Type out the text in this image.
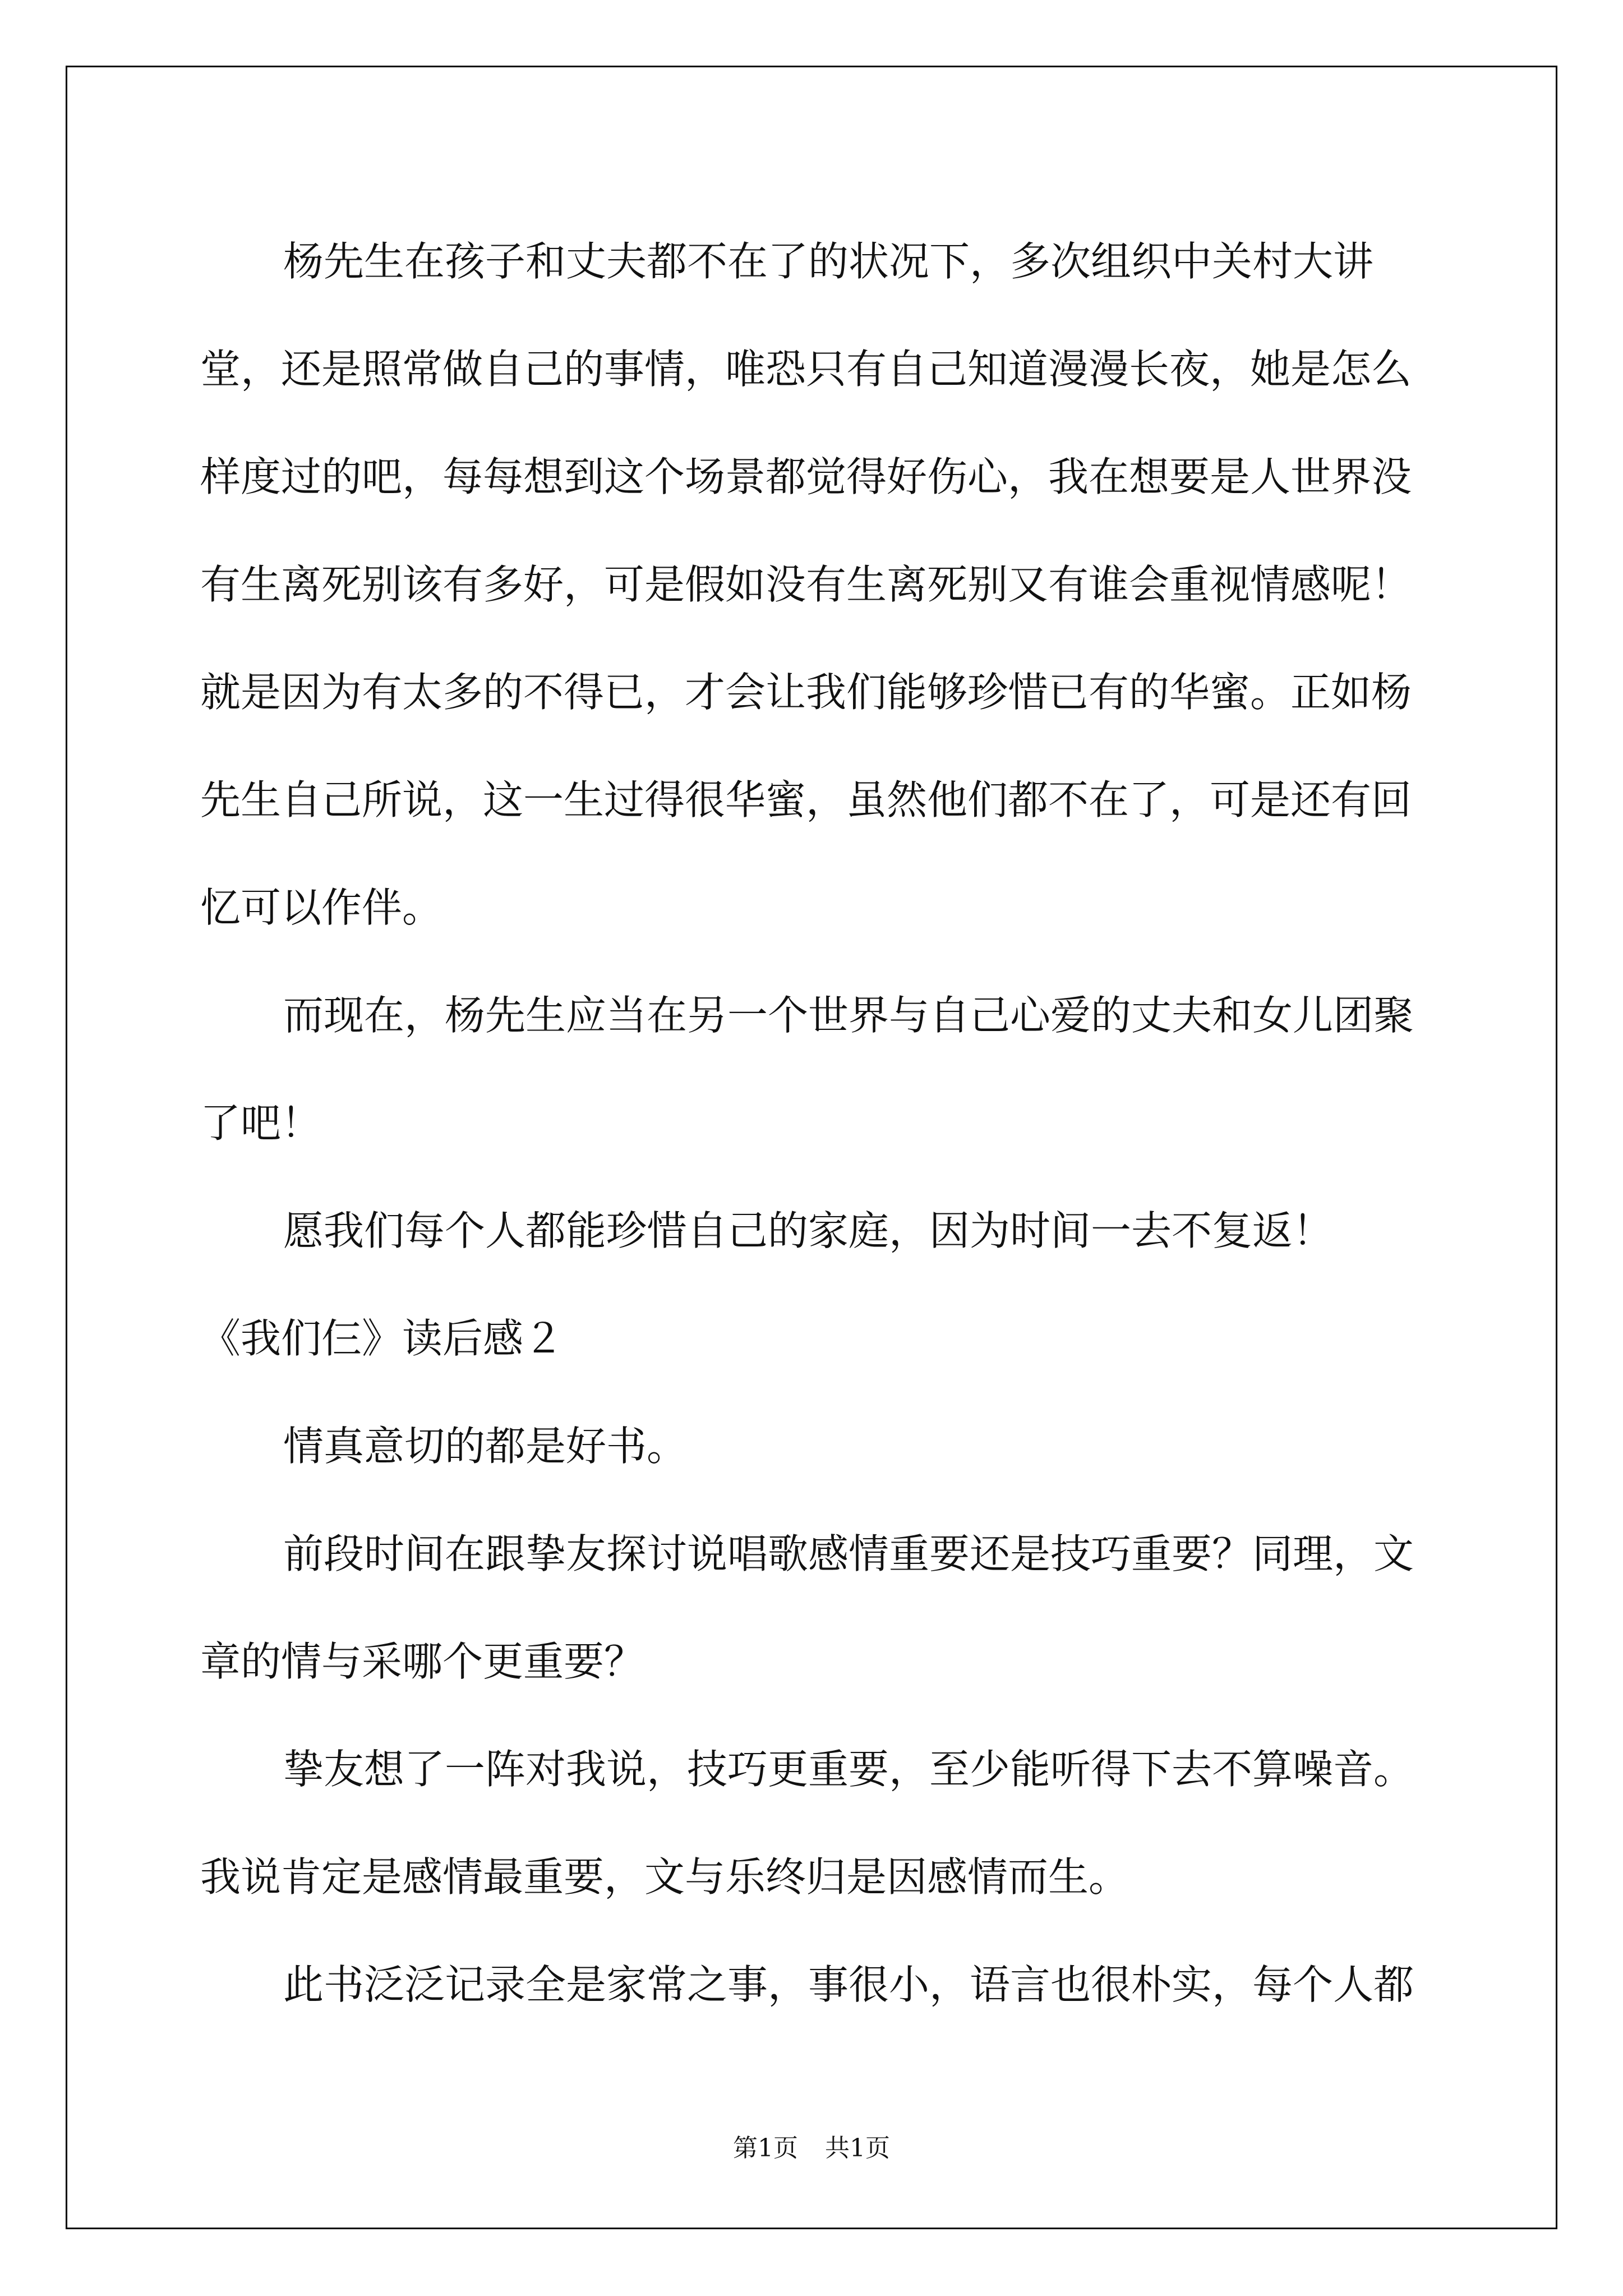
杨先生在孩子和丈夫都不在了的状况下，多次组织中关村大讲堂，还是照常做自己的事情，唯恐只有自己知道漫漫长夜，她是怎么样度过的吧，每每想到这个场景都觉得好伤心，我在想要是人世界没有生离死别该有多好，可是假如没有生离死别又有谁会重视情感呢！就是因为有太多的不得已，才会让我们能够珍惜已有的华蜜。正如杨先生自己所说，这一生过得很华蜜，虽然他们都不在了，可是还有回忆可以作伴。

而现在，杨先生应当在另一个世界与自己心爱的丈夫和女儿团聚了吧！

愿我们每个人都能珍惜自己的家庭，因为时间一去不复返！

《我们仨》读后感２

情真意切的都是好书。

前段时间在跟挚友探讨说唱歌感情重要还是技巧重要？同理，文章的情与采哪个更重要？

挚友想了一阵对我说，技巧更重要，至少能听得下去不算噪音。我说肯定是感情最重要，文与乐终归是因感情而生。

此书泛泛记录全是家常之事，事很小，语言也很朴实，每个人都

第1页 共1页
